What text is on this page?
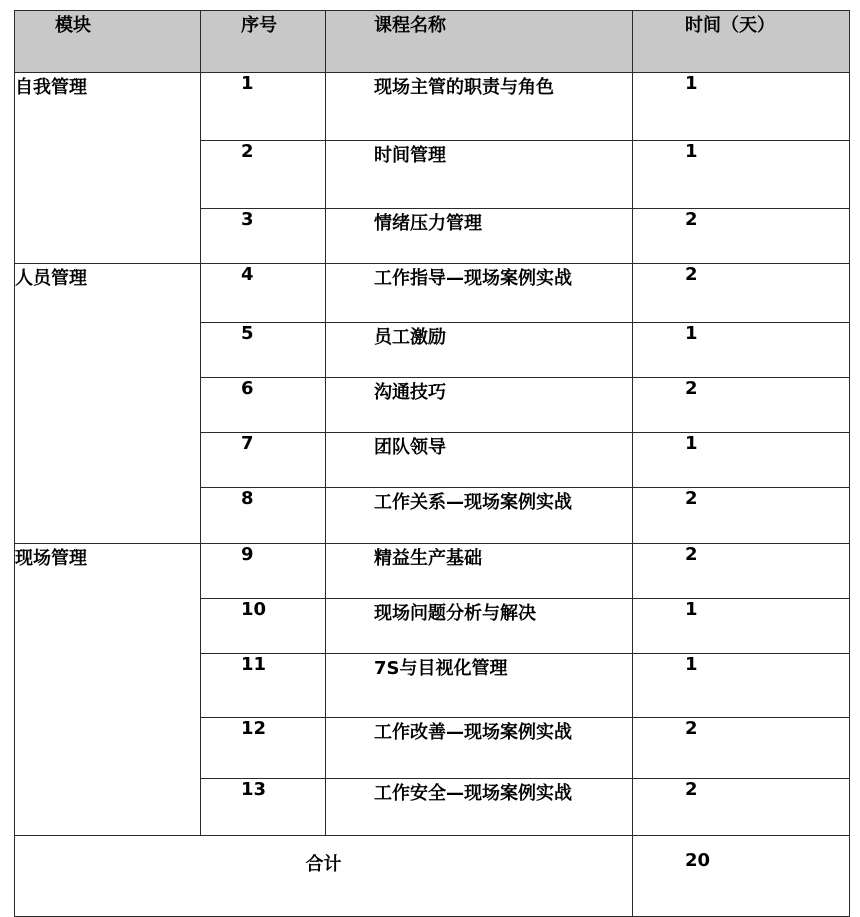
模块	序号	课程名称	时间（天）
自我管理	1	现场主管的职责与角色	1
	2	时间管理	1
	3	情绪压力管理	2
人员管理	4	工作指导—现场案例实战	2
	5	员工激励	1
	6	沟通技巧	2
	7	团队领导	1
	8	工作关系—现场案例实战	2
现场管理	9	精益生产基础	2
	10	现场问题分析与解决	1
	11	7S与目视化管理	1
	12	工作改善—现场案例实战	2
	13	工作安全—现场案例实战	2
合计			20
